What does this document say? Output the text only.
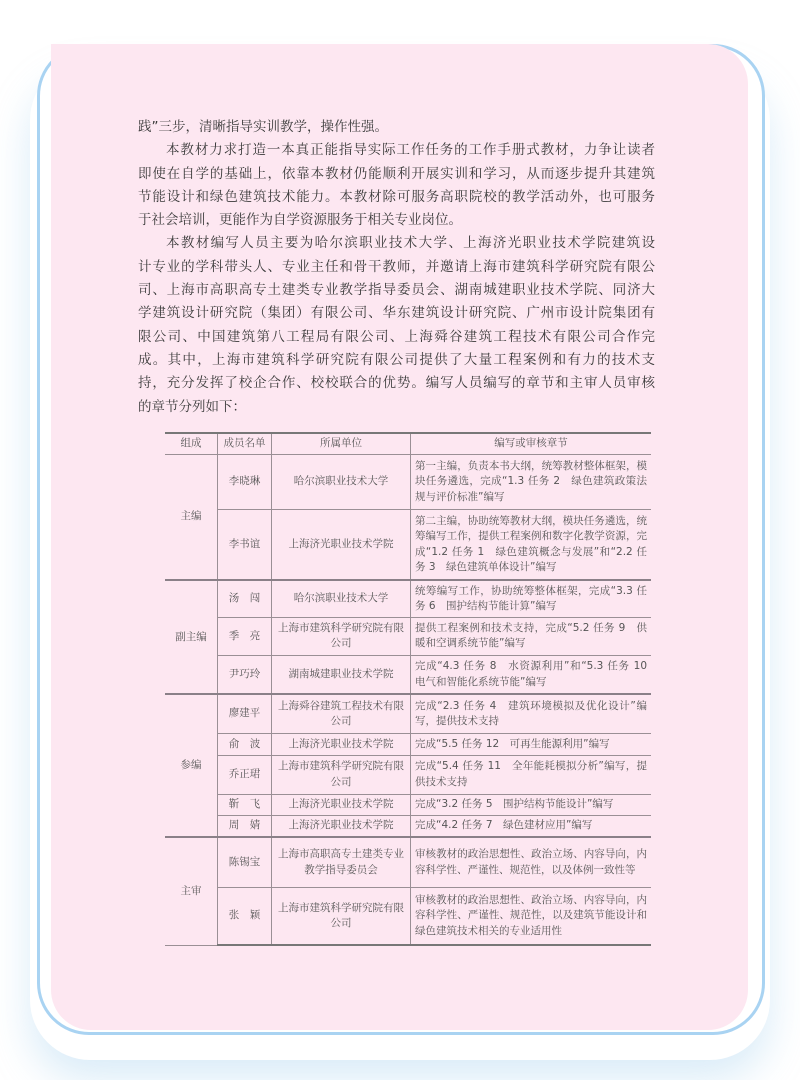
践”三步，清晰指导实训教学，操作性强。
本教材力求打造一本真正能指导实际工作任务的工作手册式教材，力争让读者
即使在自学的基础上，依靠本教材仍能顺利开展实训和学习，从而逐步提升其建筑
节能设计和绿色建筑技术能力。本教材除可服务高职院校的教学活动外，也可服务
于社会培训，更能作为自学资源服务于相关专业岗位。
本教材编写人员主要为哈尔滨职业技术大学、上海济光职业技术学院建筑设
计专业的学科带头人、专业主任和骨干教师，并邀请上海市建筑科学研究院有限公
司、上海市高职高专土建类专业教学指导委员会、湖南城建职业技术学院、同济大
学建筑设计研究院（集团）有限公司、华东建筑设计研究院、广州市设计院集团有
限公司、中国建筑第八工程局有限公司、上海舜谷建筑工程技术有限公司合作完
成。其中，上海市建筑科学研究院有限公司提供了大量工程案例和有力的技术支
持，充分发挥了校企合作、校校联合的优势。编写人员编写的章节和主审人员审核
的章节分列如下：
组成	成员名单	所属单位	编写或审核章节
主编	李晓琳	哈尔滨职业技术大学	第一主编，负责本书大纲，统筹教材整体框架，模块任务遴选，完成“1.3 任务 2　绿色建筑政策法规与评价标准”编写
	李书谊	上海济光职业技术学院	第二主编，协助统筹教材大纲，模块任务遴选，统筹编写工作，提供工程案例和数字化教学资源，完成“1.2 任务 1　绿色建筑概念与发展”和“2.2 任务 3　绿色建筑单体设计”编写
副主编	汤　闯	哈尔滨职业技术大学	统筹编写工作，协助统筹整体框架，完成“3.3 任务 6　围护结构节能计算”编写
	季　亮	上海市建筑科学研究院有限公司	提供工程案例和技术支持，完成“5.2 任务 9　供暖和空调系统节能”编写
	尹巧玲	湖南城建职业技术学院	完成“4.3 任务 8　水资源利用”和“5.3 任务 10　电气和智能化系统节能”编写
参编	廖建平	上海舜谷建筑工程技术有限公司	完成“2.3 任务 4　建筑环境模拟及优化设计”编写，提供技术支持
	俞　波	上海济光职业技术学院	完成“5.5 任务 12　可再生能源利用”编写
	乔正珺	上海市建筑科学研究院有限公司	完成“5.4 任务 11　全年能耗模拟分析”编写，提供技术支持
	靳　飞	上海济光职业技术学院	完成“3.2 任务 5　围护结构节能设计”编写
	周　婧	上海济光职业技术学院	完成“4.2 任务 7　绿色建材应用”编写
主审	陈锡宝	上海市高职高专土建类专业教学指导委员会	审核教材的政治思想性、政治立场、内容导向，内容科学性、严谨性、规范性，以及体例一致性等
	张　颖	上海市建筑科学研究院有限公司	审核教材的政治思想性、政治立场、内容导向，内容科学性、严谨性、规范性，以及建筑节能设计和绿色建筑技术相关的专业适用性
